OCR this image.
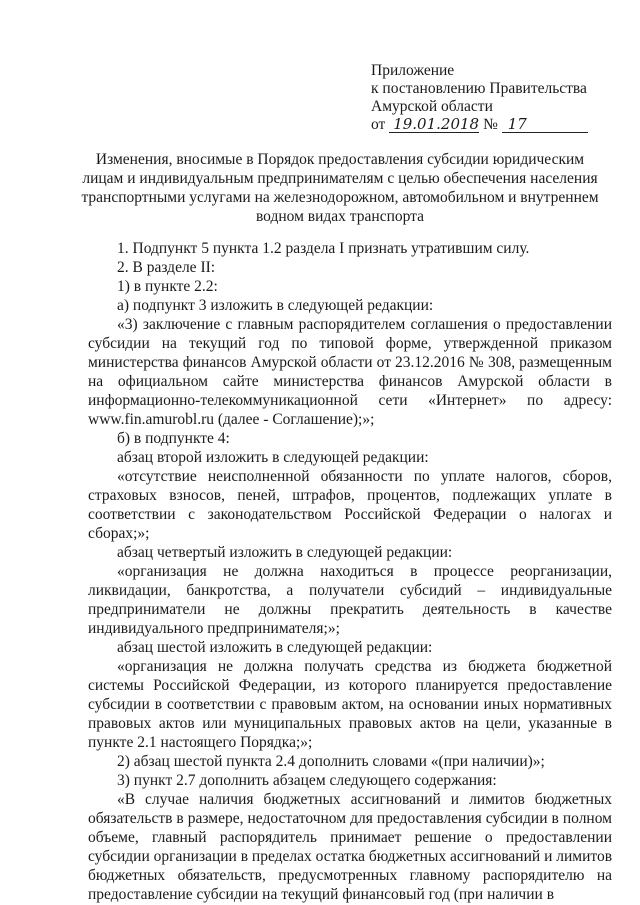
Приложение
к постановлению Правительства
Амурской области
от 19.01.2018 № 17
Изменения, вносимые в Порядок предоставления субсидии юридическим лицам и индивидуальным предпринимателям с целью обеспечения населения транспортными услугами на железнодорожном, автомобильном и внутреннем водном видах транспорта

1. Подпункт 5 пункта 1.2 раздела I признать утратившим силу.

2. В разделе II:

1) в пункте 2.2:

а) подпункт 3 изложить в следующей редакции:

«3) заключение с главным распорядителем соглашения о предоставлении субсидии на текущий год по типовой форме, утвержденной приказом министерства финансов Амурской области от 23.12.2016 № 308, размещенным на официальном сайте министерства финансов Амурской области в информационно-телекоммуникационной сети «Интернет» по адресу: www.fin.amurobl.ru (далее - Соглашение);»;

б) в подпункте 4:

абзац второй изложить в следующей редакции:

«отсутствие неисполненной обязанности по уплате налогов, сборов, страховых взносов, пеней, штрафов, процентов, подлежащих уплате в соответствии с законодательством Российской Федерации о налогах и сборах;»;

абзац четвертый изложить в следующей редакции:

«организация не должна находиться в процессе реорганизации, ликвидации, банкротства, а получатели субсидий – индивидуальные предприниматели не должны прекратить деятельность в качестве индивидуального предпринимателя;»;

абзац шестой изложить в следующей редакции:

«организация не должна получать средства из бюджета бюджетной системы Российской Федерации, из которого планируется предоставление субсидии в соответствии с правовым актом, на основании иных нормативных правовых актов или муниципальных правовых актов на цели, указанные в пункте 2.1 настоящего Порядка;»;

2) абзац шестой пункта 2.4 дополнить словами «(при наличии)»;

3) пункт 2.7 дополнить абзацем следующего содержания:

«В случае наличия бюджетных ассигнований и лимитов бюджетных обязательств в размере, недостаточном для предоставления субсидии в полном объеме, главный распорядитель принимает решение о предоставлении субсидии организации в пределах остатка бюджетных ассигнований и лимитов бюджетных обязательств, предусмотренных главному распорядителю на предоставление субсидии на текущий финансовый год (при наличии в
